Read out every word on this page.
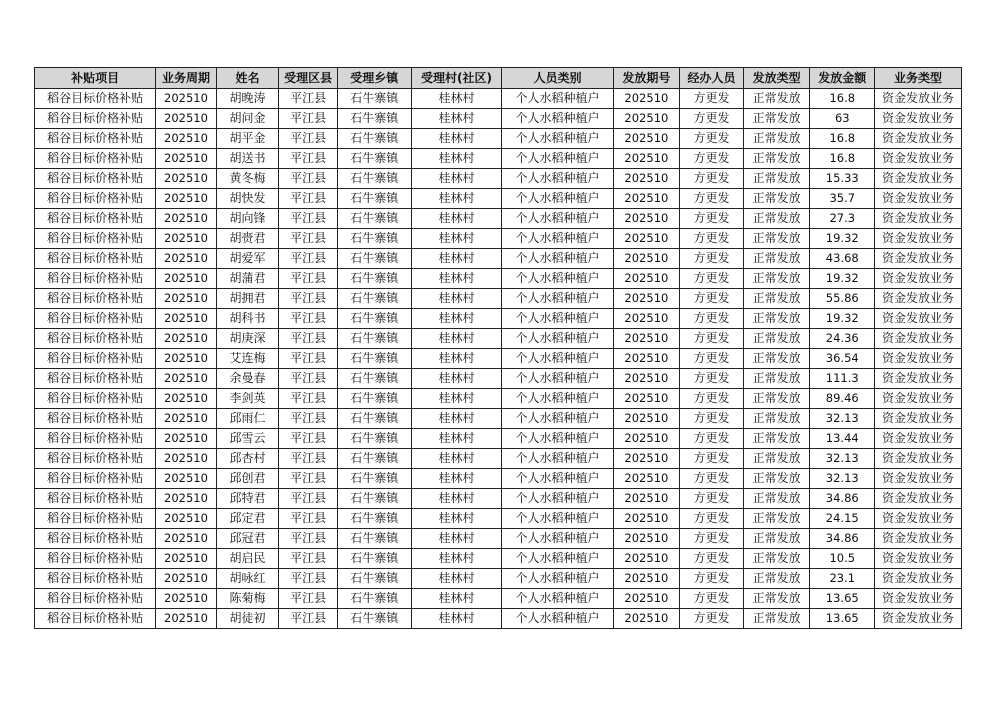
补贴项目	业务周期	姓名	受理区县	受理乡镇	受理村(社区)	人员类别	发放期号	经办人员	发放类型	发放金额	业务类型
稻谷目标价格补贴	202510	胡晚涛	平江县	石牛寨镇	桂林村	个人水稻种植户	202510	方更发	正常发放	16.8	资金发放业务
稻谷目标价格补贴	202510	胡问金	平江县	石牛寨镇	桂林村	个人水稻种植户	202510	方更发	正常发放	63	资金发放业务
稻谷目标价格补贴	202510	胡平金	平江县	石牛寨镇	桂林村	个人水稻种植户	202510	方更发	正常发放	16.8	资金发放业务
稻谷目标价格补贴	202510	胡送书	平江县	石牛寨镇	桂林村	个人水稻种植户	202510	方更发	正常发放	16.8	资金发放业务
稻谷目标价格补贴	202510	黄冬梅	平江县	石牛寨镇	桂林村	个人水稻种植户	202510	方更发	正常发放	15.33	资金发放业务
稻谷目标价格补贴	202510	胡快发	平江县	石牛寨镇	桂林村	个人水稻种植户	202510	方更发	正常发放	35.7	资金发放业务
稻谷目标价格补贴	202510	胡向锋	平江县	石牛寨镇	桂林村	个人水稻种植户	202510	方更发	正常发放	27.3	资金发放业务
稻谷目标价格补贴	202510	胡赍君	平江县	石牛寨镇	桂林村	个人水稻种植户	202510	方更发	正常发放	19.32	资金发放业务
稻谷目标价格补贴	202510	胡爱军	平江县	石牛寨镇	桂林村	个人水稻种植户	202510	方更发	正常发放	43.68	资金发放业务
稻谷目标价格补贴	202510	胡蒲君	平江县	石牛寨镇	桂林村	个人水稻种植户	202510	方更发	正常发放	19.32	资金发放业务
稻谷目标价格补贴	202510	胡拥君	平江县	石牛寨镇	桂林村	个人水稻种植户	202510	方更发	正常发放	55.86	资金发放业务
稻谷目标价格补贴	202510	胡科书	平江县	石牛寨镇	桂林村	个人水稻种植户	202510	方更发	正常发放	19.32	资金发放业务
稻谷目标价格补贴	202510	胡庚深	平江县	石牛寨镇	桂林村	个人水稻种植户	202510	方更发	正常发放	24.36	资金发放业务
稻谷目标价格补贴	202510	艾连梅	平江县	石牛寨镇	桂林村	个人水稻种植户	202510	方更发	正常发放	36.54	资金发放业务
稻谷目标价格补贴	202510	余曼春	平江县	石牛寨镇	桂林村	个人水稻种植户	202510	方更发	正常发放	111.3	资金发放业务
稻谷目标价格补贴	202510	李剑英	平江县	石牛寨镇	桂林村	个人水稻种植户	202510	方更发	正常发放	89.46	资金发放业务
稻谷目标价格补贴	202510	邱雨仁	平江县	石牛寨镇	桂林村	个人水稻种植户	202510	方更发	正常发放	32.13	资金发放业务
稻谷目标价格补贴	202510	邱雪云	平江县	石牛寨镇	桂林村	个人水稻种植户	202510	方更发	正常发放	13.44	资金发放业务
稻谷目标价格补贴	202510	邱杏村	平江县	石牛寨镇	桂林村	个人水稻种植户	202510	方更发	正常发放	32.13	资金发放业务
稻谷目标价格补贴	202510	邱创君	平江县	石牛寨镇	桂林村	个人水稻种植户	202510	方更发	正常发放	32.13	资金发放业务
稻谷目标价格补贴	202510	邱特君	平江县	石牛寨镇	桂林村	个人水稻种植户	202510	方更发	正常发放	34.86	资金发放业务
稻谷目标价格补贴	202510	邱定君	平江县	石牛寨镇	桂林村	个人水稻种植户	202510	方更发	正常发放	24.15	资金发放业务
稻谷目标价格补贴	202510	邱冠君	平江县	石牛寨镇	桂林村	个人水稻种植户	202510	方更发	正常发放	34.86	资金发放业务
稻谷目标价格补贴	202510	胡启民	平江县	石牛寨镇	桂林村	个人水稻种植户	202510	方更发	正常发放	10.5	资金发放业务
稻谷目标价格补贴	202510	胡咏红	平江县	石牛寨镇	桂林村	个人水稻种植户	202510	方更发	正常发放	23.1	资金发放业务
稻谷目标价格补贴	202510	陈菊梅	平江县	石牛寨镇	桂林村	个人水稻种植户	202510	方更发	正常发放	13.65	资金发放业务
稻谷目标价格补贴	202510	胡徒初	平江县	石牛寨镇	桂林村	个人水稻种植户	202510	方更发	正常发放	13.65	资金发放业务
